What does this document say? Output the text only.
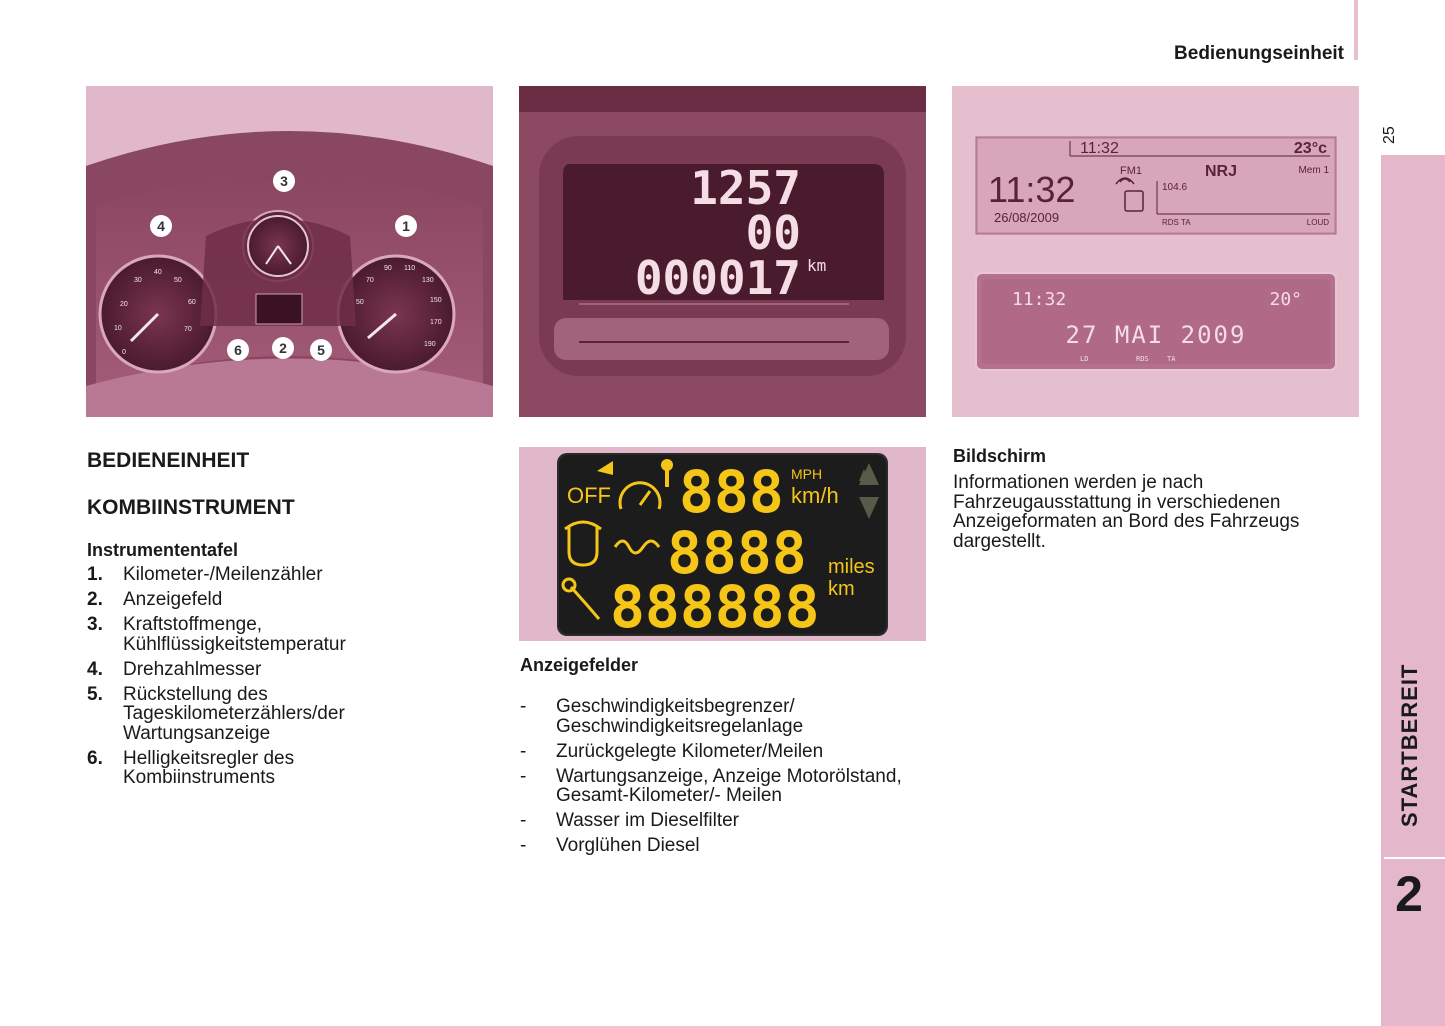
Bedienungseinheit
25
STARTBEREIT
2
20
30
40
50
60
70
10
0
50
70
90 110
130
150
170
190
1
2
3
4
5
6
1257
00
000017 km
11:32	23°c
FM1	NRJ	Mem 1
11:32	104.6
26/08/2009	RDS TA	LOUD
11:32	20°
27 MAI 2009
LD	RDS	TA
OFF 888 MPH
km/h
8888 miles
888888 km
BEDIENEINHEIT
KOMBIINSTRUMENT
Instrumententafel
1. Kilometer-/Meilenzähler
2. Anzeigefeld
3. Kraftstoffmenge, Kühlflüssigkeitstemperatur
4. Drehzahlmesser
5. Rückstellung des Tageskilometerzählers/der Wartungsanzeige
6. Helligkeitsregler des Kombiinstruments
Anzeigefelder
- Geschwindigkeitsbegrenzer/ Geschwindigkeitsregelanlage
- Zurückgelegte Kilometer/Meilen
- Wartungsanzeige, Anzeige Motorölstand, Gesamt-Kilometer/- Meilen
- Wasser im Dieselfilter
- Vorglühen Diesel
Bildschirm
Informationen werden je nach Fahrzeugausstattung in verschiedenen Anzeigeformaten an Bord des Fahrzeugs dargestellt.
